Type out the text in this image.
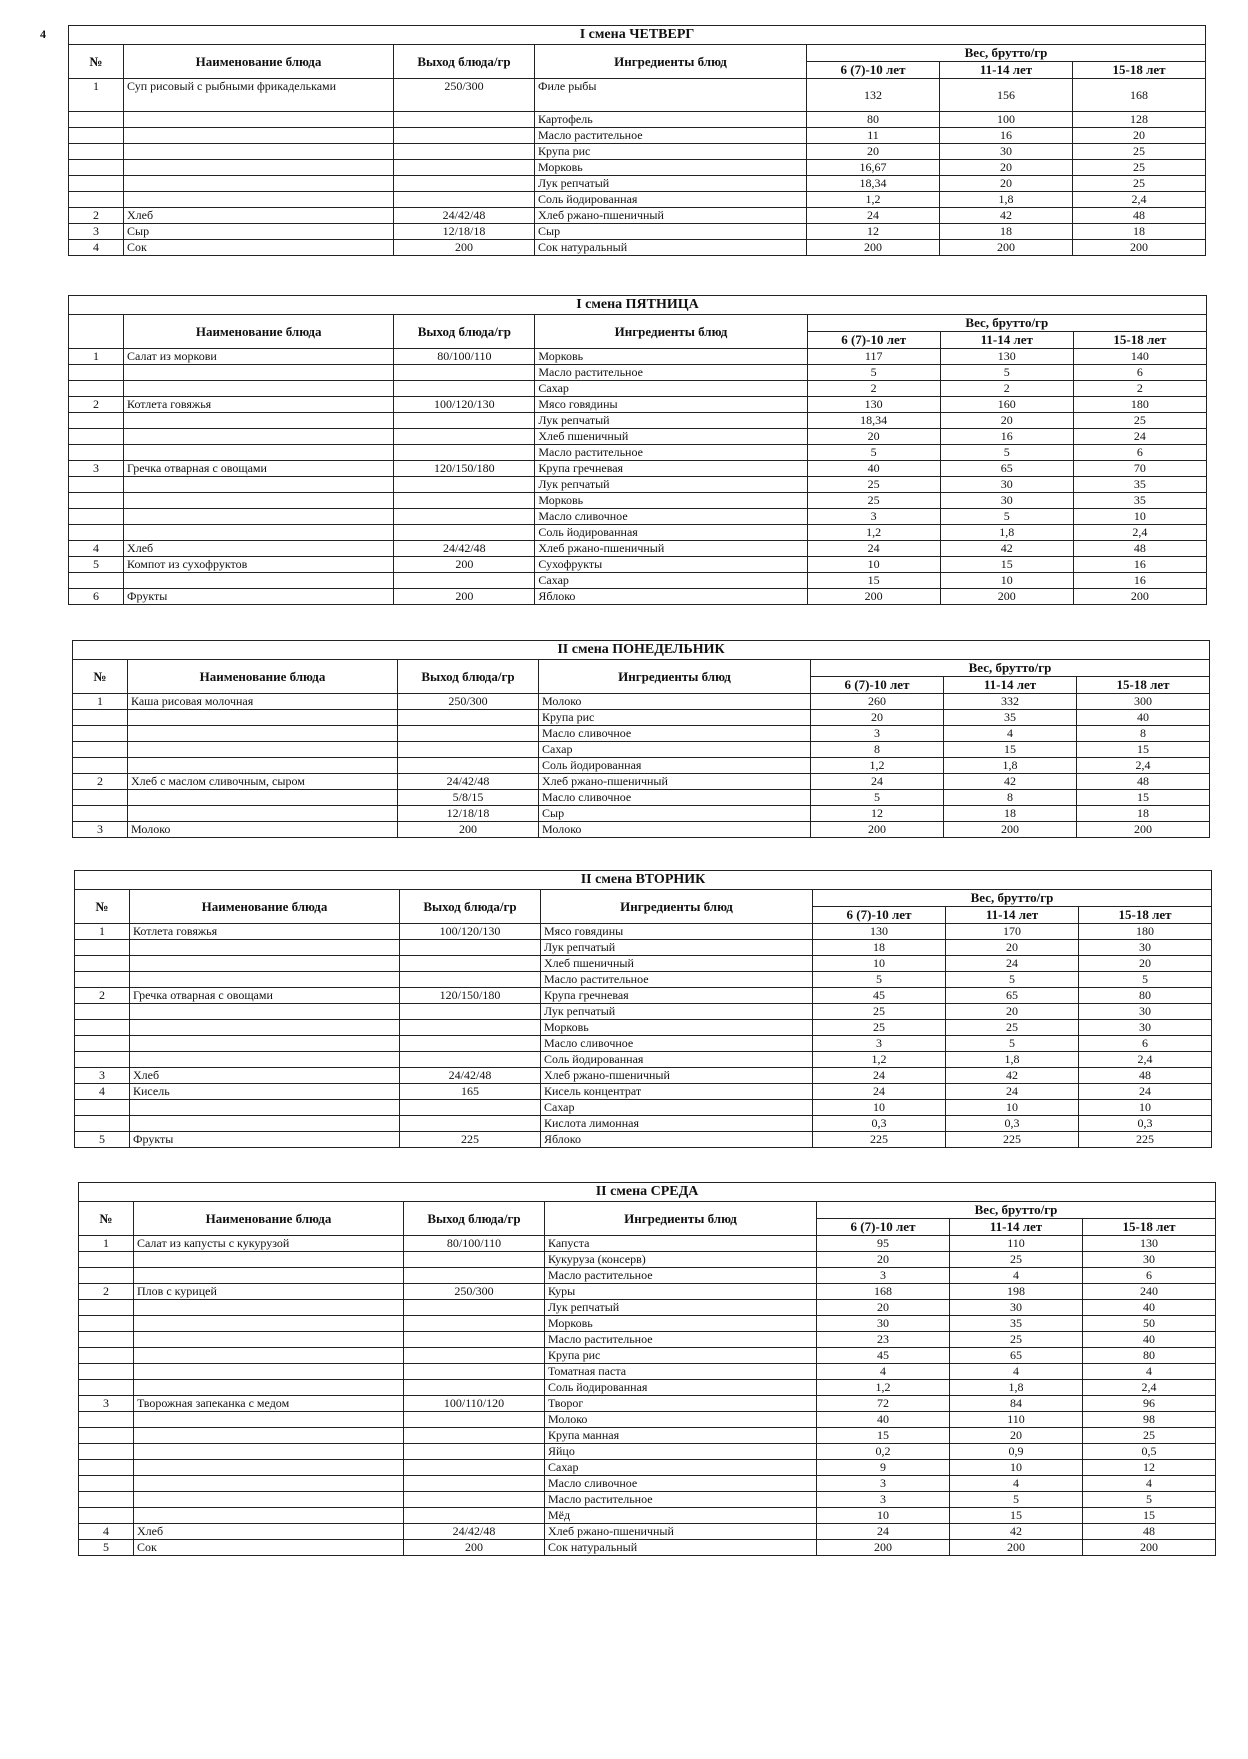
4	I смена ЧЕТВЕРГ						
№	Наименование блюда	Выход блюда/гр	Ингредиенты блюд	Вес, брутто/гр		
				6 (7)-10 лет	11-14 лет	15-18 лет
1	Суп рисовый с рыбными фрикадельками	250/300	Филе рыбы	132	156	168
			Картофель	80	100	128
			Масло растительное	11	16	20
			Крупа рис	20	30	25
			Морковь	16,67	20	25
			Лук репчатый	18,34	20	25
			Соль йодированная	1,2	1,8	2,4
2	Хлеб	24/42/48	Хлеб ржано-пшеничный	24	42	48
3	Сыр	12/18/18	Сыр	12	18	18
4	Сок	200	Сок натуральный	200	200	200
I смена ПЯТНИЦА						
	Наименование блюда	Выход блюда/гр	Ингредиенты блюд	Вес, брутто/гр		
				6 (7)-10 лет	11-14 лет	15-18 лет
1	Салат из моркови	80/100/110	Морковь	117	130	140
			Масло растительное	5	5	6
			Сахар	2	2	2
2	Котлета говяжья	100/120/130	Мясо говядины	130	160	180
			Лук репчатый	18,34	20	25
			Хлеб пшеничный	20	16	24
			Масло растительное	5	5	6
3	Гречка отварная с овощами	120/150/180	Крупа гречневая	40	65	70
			Лук репчатый	25	30	35
			Морковь	25	30	35
			Масло сливочное	3	5	10
			Соль йодированная	1,2	1,8	2,4
4	Хлеб	24/42/48	Хлеб ржано-пшеничный	24	42	48
5	Компот из сухофруктов	200	Сухофрукты	10	15	16
			Сахар	15	10	16
6	Фрукты	200	Яблоко	200	200	200
II смена ПОНЕДЕЛЬНИК						
№	Наименование блюда	Выход блюда/гр	Ингредиенты блюд	Вес, брутто/гр		
				6 (7)-10 лет	11-14 лет	15-18 лет
1	Каша рисовая молочная	250/300	Молоко	260	332	300
			Крупа рис	20	35	40
			Масло сливочное	3	4	8
			Сахар	8	15	15
			Соль йодированная	1,2	1,8	2,4
2	Хлеб с маслом сливочным, сыром	24/42/48	Хлеб ржано-пшеничный	24	42	48
		5/8/15	Масло сливочное	5	8	15
		12/18/18	Сыр	12	18	18
3	Молоко	200	Молоко	200	200	200
II смена ВТОРНИК						
№	Наименование блюда	Выход блюда/гр	Ингредиенты блюд	Вес, брутто/гр		
				6 (7)-10 лет	11-14 лет	15-18 лет
1	Котлета говяжья	100/120/130	Мясо говядины	130	170	180
			Лук репчатый	18	20	30
			Хлеб пшеничный	10	24	20
			Масло растительное	5	5	5
2	Гречка отварная с овощами	120/150/180	Крупа гречневая	45	65	80
			Лук репчатый	25	20	30
			Морковь	25	25	30
			Масло сливочное	3	5	6
			Соль йодированная	1,2	1,8	2,4
3	Хлеб	24/42/48	Хлеб ржано-пшеничный	24	42	48
4	Кисель	165	Кисель концентрат	24	24	24
			Сахар	10	10	10
			Кислота лимонная	0,3	0,3	0,3
5	Фрукты	225	Яблоко	225	225	225
II смена СРЕДА						
№	Наименование блюда	Выход блюда/гр	Ингредиенты блюд	Вес, брутто/гр		
				6 (7)-10 лет	11-14 лет	15-18 лет
1	Салат из капусты с кукурузой	80/100/110	Капуста	95	110	130
			Кукуруза (консерв)	20	25	30
			Масло растительное	3	4	6
2	Плов с курицей	250/300	Куры	168	198	240
			Лук репчатый	20	30	40
			Морковь	30	35	50
			Масло растительное	23	25	40
			Крупа рис	45	65	80
			Томатная паста	4	4	4
			Соль йодированная	1,2	1,8	2,4
3	Творожная запеканка с медом	100/110/120	Творог	72	84	96
			Молоко	40	110	98
			Крупа манная	15	20	25
			Яйцо	0,2	0,9	0,5
			Сахар	9	10	12
			Масло сливочное	3	4	4
			Масло растительное	3	5	5
			Мёд	10	15	15
4	Хлеб	24/42/48	Хлеб ржано-пшеничный	24	42	48
5	Сок	200	Сок натуральный	200	200	200
